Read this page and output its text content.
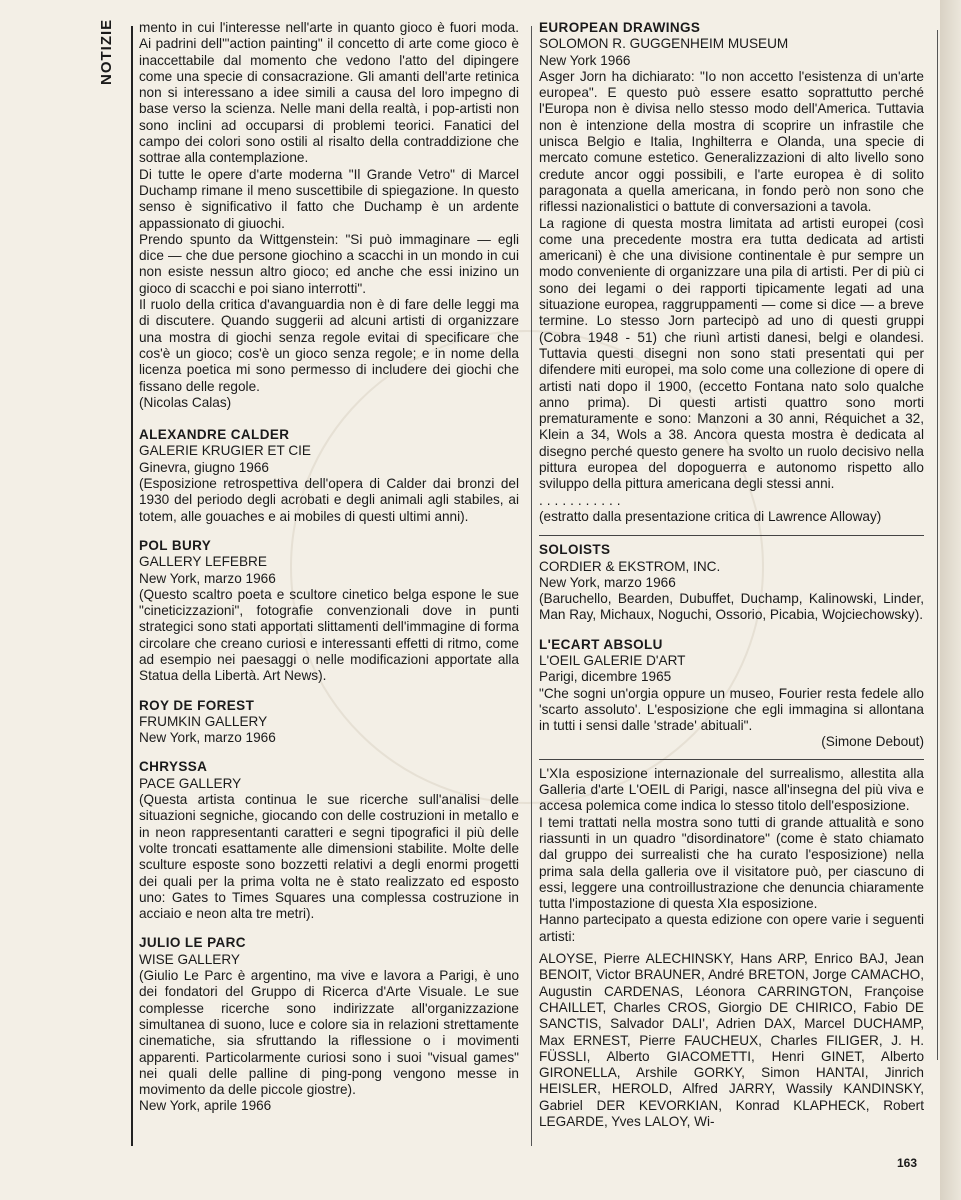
NOTIZIE mento in cui l'interesse nell'arte in quanto gioco è fuori moda. Ai padrini dell'"action painting" il concetto di arte come gioco è inaccettabile dal momento che vedono l'atto del dipingere come una specie di consacrazione. Gli amanti dell'arte retinica non si interessano a idee simili a causa del loro impegno di base verso la scienza. Nelle mani della realtà, i pop-artisti non sono inclini ad occuparsi di problemi teorici. Fanatici del campo dei colori sono ostili al risalto della contraddizione che sottrae alla contemplazione.

Di tutte le opere d'arte moderna "Il Grande Vetro" di Marcel Duchamp rimane il meno suscettibile di spiegazione. In questo senso è significativo il fatto che Duchamp è un ardente appassionato di giuochi.

Prendo spunto da Wittgenstein: "Si può immaginare — egli dice — che due persone giochino a scacchi in un mondo in cui non esiste nessun altro gioco; ed anche che essi inizino un gioco di scacchi e poi siano interrotti".

Il ruolo della critica d'avanguardia non è di fare delle leggi ma di discutere. Quando suggerii ad alcuni artisti di organizzare una mostra di giochi senza regole evitai di specificare che cos'è un gioco; cos'è un gioco senza regole; e in nome della licenza poetica mi sono permesso di includere dei giochi che fissano delle regole.

(Nicolas Calas)

ALEXANDRE CALDER

GALERIE KRUGIER ET CIE

Ginevra, giugno 1966

(Esposizione retrospettiva dell'opera di Calder dai bronzi del 1930 del periodo degli acrobati e degli animali agli stabiles, ai totem, alle gouaches e ai mobiles di questi ultimi anni).

POL BURY

GALLERY LEFEBRE

New York, marzo 1966

(Questo scaltro poeta e scultore cinetico belga espone le sue "cineticizzazioni", fotografie convenzionali dove in punti strategici sono stati apportati slittamenti dell'immagine di forma circolare che creano curiosi e interessanti effetti di ritmo, come ad esempio nei paesaggi o nelle modificazioni apportate alla Statua della Libertà. Art News).

ROY DE FOREST

FRUMKIN GALLERY

New York, marzo 1966

CHRYSSA

PACE GALLERY

(Questa artista continua le sue ricerche sull'analisi delle situazioni segniche, giocando con delle costruzioni in metallo e in neon rappresentanti caratteri e segni tipografici il più delle volte troncati esattamente alle dimensioni stabilite. Molte delle sculture esposte sono bozzetti relativi a degli enormi progetti dei quali per la prima volta ne è stato realizzato ed esposto uno: Gates to Times Squares una complessa costruzione in acciaio e neon alta tre metri).

JULIO LE PARC

WISE GALLERY

(Giulio Le Parc è argentino, ma vive e lavora a Parigi, è uno dei fondatori del Gruppo di Ricerca d'Arte Visuale. Le sue complesse ricerche sono indirizzate all'organizzazione simultanea di suono, luce e colore sia in relazioni strettamente cinematiche, sia sfruttando la riflessione o i movimenti apparenti. Particolarmente curiosi sono i suoi "visual games" nei quali delle palline di ping-pong vengono messe in movimento da delle piccole giostre).

New York, aprile 1966

EUROPEAN DRAWINGS

SOLOMON R. GUGGENHEIM MUSEUM

New York 1966

Asger Jorn ha dichiarato: "Io non accetto l'esistenza di un'arte europea". E questo può essere esatto soprattutto perché l'Europa non è divisa nello stesso modo dell'America. Tuttavia non è intenzione della mostra di scoprire un infrastile che unisca Belgio e Italia, Inghilterra e Olanda, una specie di mercato comune estetico. Generalizzazioni di alto livello sono credute ancor oggi possibili, e l'arte europea è di solito paragonata a quella americana, in fondo però non sono che riflessi nazionalistici o battute di conversazioni a tavola.

La ragione di questa mostra limitata ad artisti europei (così come una precedente mostra era tutta dedicata ad artisti americani) è che una divisione continentale è pur sempre un modo conveniente di organizzare una pila di artisti. Per di più ci sono dei legami o dei rapporti tipicamente legati ad una situazione europea, raggruppamenti — come si dice — a breve termine. Lo stesso Jorn partecipò ad uno di questi gruppi (Cobra 1948 - 51) che riunì artisti danesi, belgi e olandesi. Tuttavia questi disegni non sono stati presentati qui per difendere miti europei, ma solo come una collezione di opere di artisti nati dopo il 1900, (eccetto Fontana nato solo qualche anno prima). Di questi artisti quattro sono morti prematuramente e sono: Manzoni a 30 anni, Réquichet a 32, Klein a 34, Wols a 38. Ancora questa mostra è dedicata al disegno perché questo genere ha svolto un ruolo decisivo nella pittura europea del dopoguerra e autonomo rispetto allo sviluppo della pittura americana degli stessi anni.

...........

(estratto dalla presentazione critica di Lawrence Alloway)

SOLOISTS

CORDIER & EKSTROM, INC.

New York, marzo 1966

(Baruchello, Bearden, Dubuffet, Duchamp, Kalinowski, Linder, Man Ray, Michaux, Noguchi, Ossorio, Picabia, Wojciechowsky).

L'ECART ABSOLU

L'OEIL GALERIE D'ART

Parigi, dicembre 1965

"Che sogni un'orgia oppure un museo, Fourier resta fedele allo 'scarto assoluto'. L'esposizione che egli immagina si allontana in tutti i sensi dalle 'strade' abituali".

(Simone Debout)

L'XIa esposizione internazionale del surrealismo, allestita alla Galleria d'arte L'OEIL di Parigi, nasce all'insegna del più viva e accesa polemica come indica lo stesso titolo dell'esposizione.

I temi trattati nella mostra sono tutti di grande attualità e sono riassunti in un quadro "disordinatore" (come è stato chiamato dal gruppo dei surrealisti che ha curato l'esposizione) nella prima sala della galleria ove il visitatore può, per ciascuno di essi, leggere una controillustrazione che denuncia chiaramente tutta l'impostazione di questa XIa esposizione.

Hanno partecipato a questa edizione con opere varie i seguenti artisti:

ALOYSE, Pierre ALECHINSKY, Hans ARP, Enrico BAJ, Jean BENOIT, Victor BRAUNER, André BRETON, Jorge CAMACHO, Augustin CARDENAS, Léonora CARRINGTON, Françoise CHAILLET, Charles CROS, Giorgio DE CHIRICO, Fabio DE SANCTIS, Salvador DALI', Adrien DAX, Marcel DUCHAMP, Max ERNEST, Pierre FAUCHEUX, Charles FILIGER, J. H. FÜSSLI, Alberto GIACOMETTI, Henri GINET, Alberto GIRONELLA, Arshile GORKY, Simon HANTAI, Jinrich HEISLER, HEROLD, Alfred JARRY, Wassily KANDINSKY, Gabriel DER KEVORKIAN, Konrad KLAPHECK, Robert LEGARDE, Yves LALOY, Wi-

163
